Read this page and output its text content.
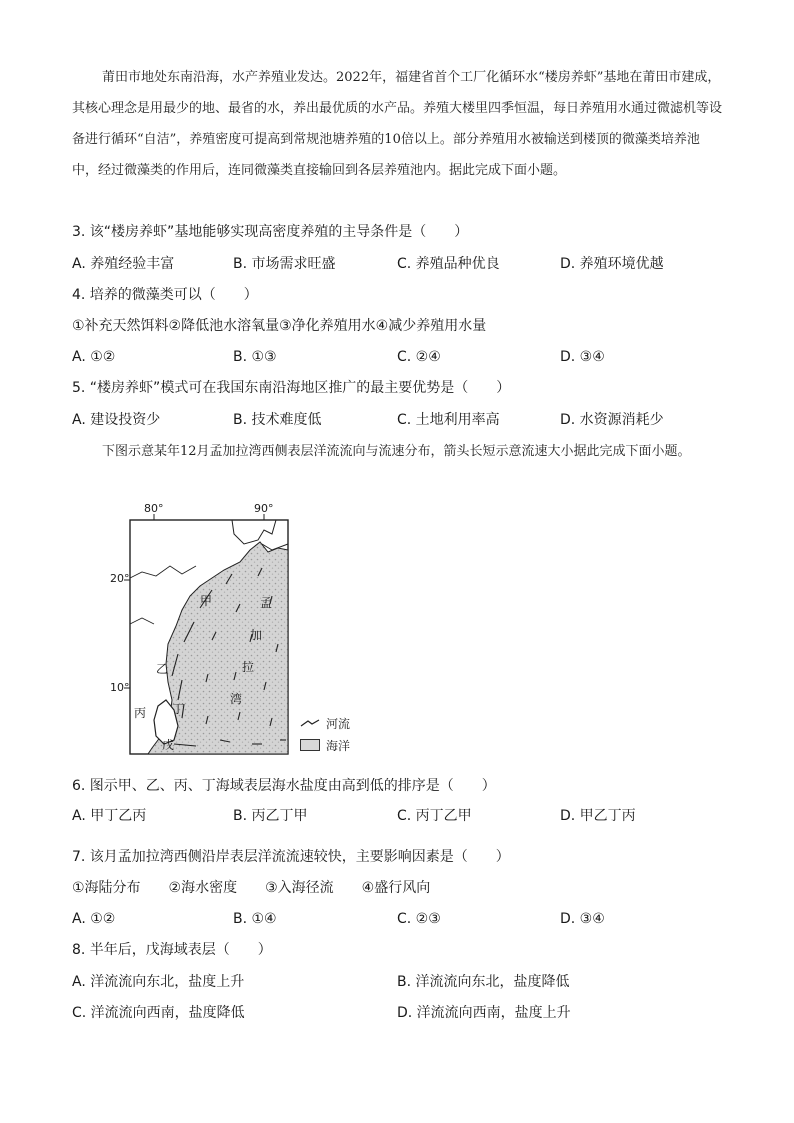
莆田市地处东南沿海，水产养殖业发达。2022年，福建省首个工厂化循环水“楼房养虾”基地在莆田市建成，其核心理念是用最少的地、最省的水，养出最优质的水产品。养殖大楼里四季恒温，每日养殖用水通过微滤机等设备进行循环“自洁”，养殖密度可提高到常规池塘养殖的10倍以上。部分养殖用水被输送到楼顶的微藻类培养池中，经过微藻类的作用后，连同微藻类直接输回到各层养殖池内。据此完成下面小题。
3. 该“楼房养虾”基地能够实现高密度养殖的主导条件是（　　）
A. 养殖经验丰富	B. 市场需求旺盛	C. 养殖品种优良	D. 养殖环境优越
4. 培养的微藻类可以（　　）
①补充天然饵料②降低池水溶氧量③净化养殖用水④减少养殖用水量
A. ①②	B. ①③	C. ②④	D. ③④
5. “楼房养虾”模式可在我国东南沿海地区推广的最主要优势是（　　）
A. 建设投资少	B. 技术难度低	C. 土地利用率高	D. 水资源消耗少
下图示意某年12月孟加拉湾西侧表层洋流流向与流速分布，箭头长短示意流速大小据此完成下面小题。
80°	90°
20°
10°
甲
乙
丙 丁
戊
孟
加
拉
湾
河流
海洋
6. 图示甲、乙、丙、丁海域表层海水盐度由高到低的排序是（　　）
A. 甲丁乙丙	B. 丙乙丁甲	C. 丙丁乙甲	D. 甲乙丁丙
7. 该月孟加拉湾西侧沿岸表层洋流流速较快，主要影响因素是（　　）
①海陆分布　　②海水密度　　③入海径流　　④盛行风向
A. ①②	B. ①④	C. ②③	D. ③④
8. 半年后，戊海域表层（　　）
A. 洋流流向东北，盐度上升	B. 洋流流向东北，盐度降低
C. 洋流流向西南，盐度降低	D. 洋流流向西南，盐度上升
